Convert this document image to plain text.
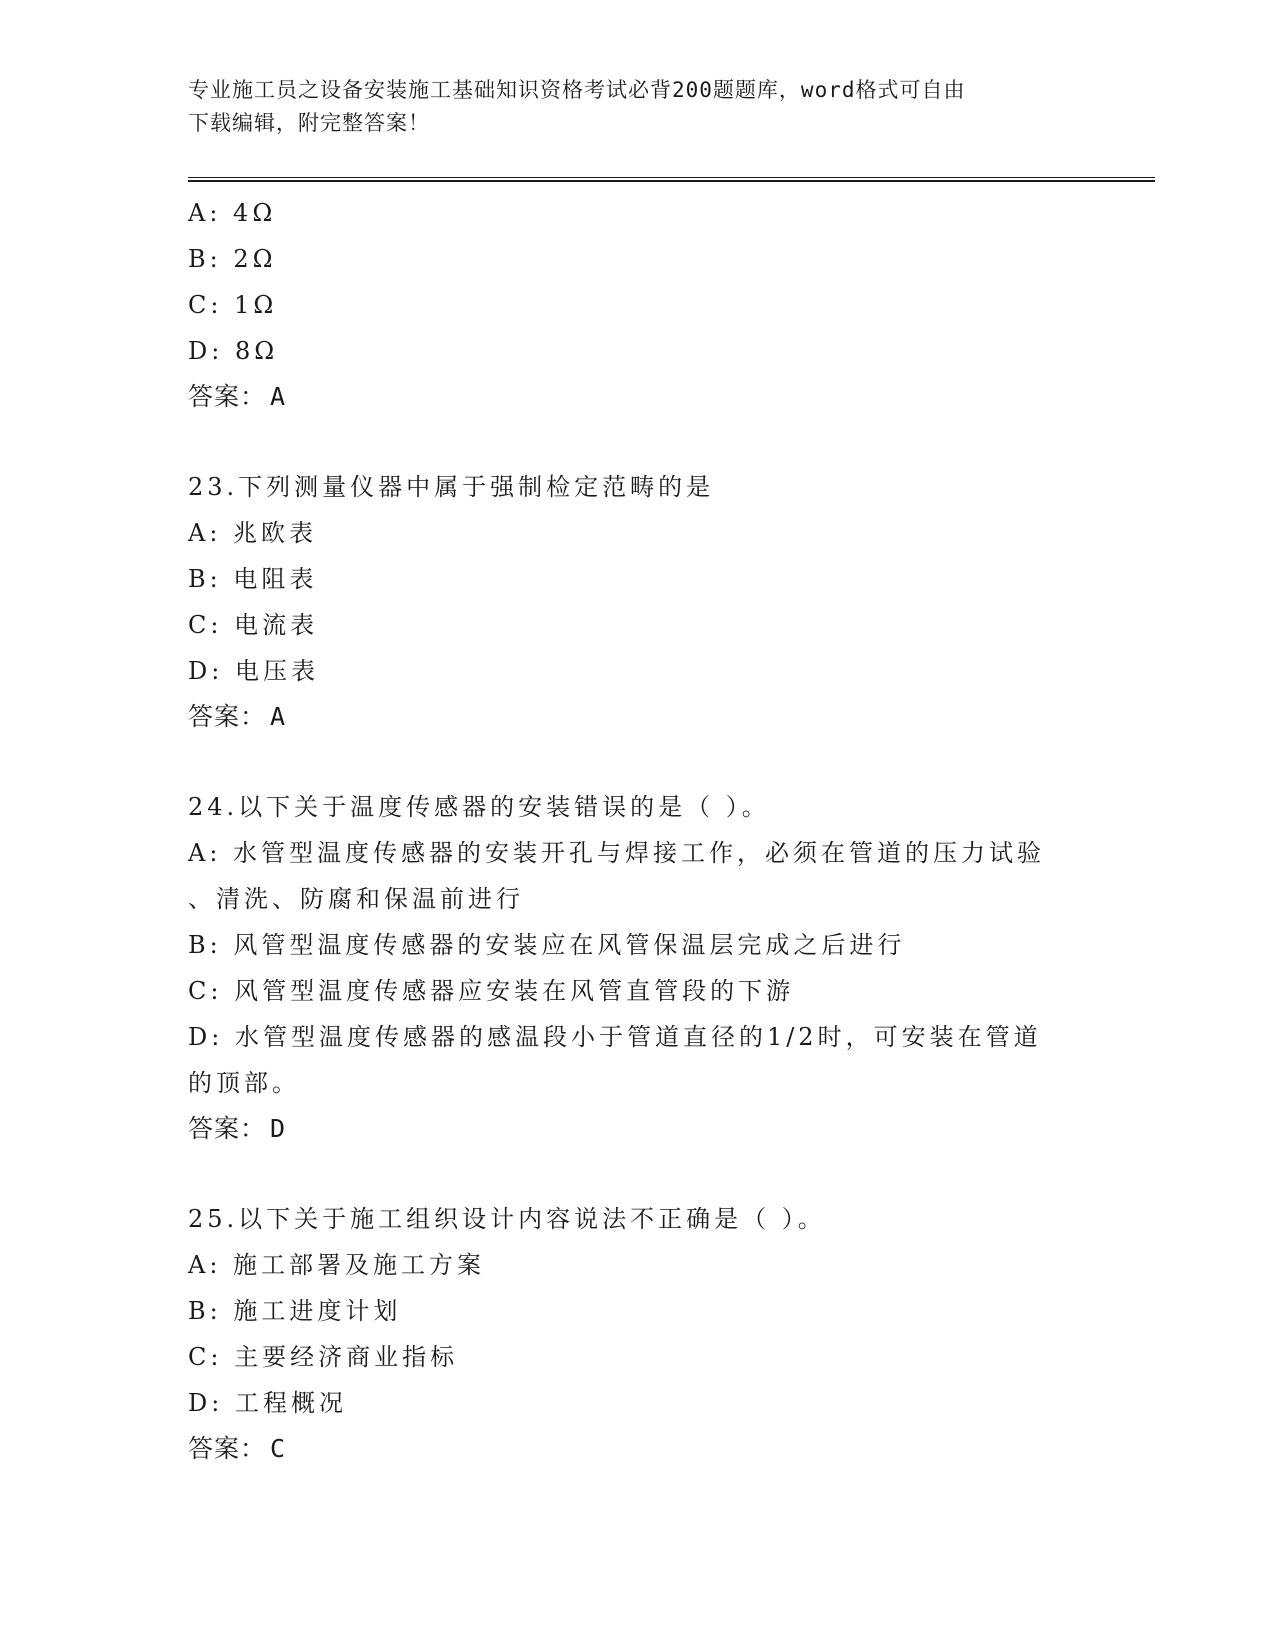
专业施工员之设备安装施工基础知识资格考试必背200题题库，word格式可自由
下载编辑，附完整答案！
A: 4Ω
B: 2Ω
C: 1Ω
D: 8Ω
答案： A
23.下列测量仪器中属于强制检定范畴的是
A: 兆欧表
B: 电阻表
C: 电流表
D: 电压表
答案： A
24.以下关于温度传感器的安装错误的是（ ）。
A: 水管型温度传感器的安装开孔与焊接工作，必须在管道的压力试验
、清洗、防腐和保温前进行
B: 风管型温度传感器的安装应在风管保温层完成之后进行
C: 风管型温度传感器应安装在风管直管段的下游
D: 水管型温度传感器的感温段小于管道直径的1/2时，可安装在管道
的顶部。
答案： D
25.以下关于施工组织设计内容说法不正确是（ ）。
A: 施工部署及施工方案
B: 施工进度计划
C: 主要经济商业指标
D: 工程概况
答案： C
